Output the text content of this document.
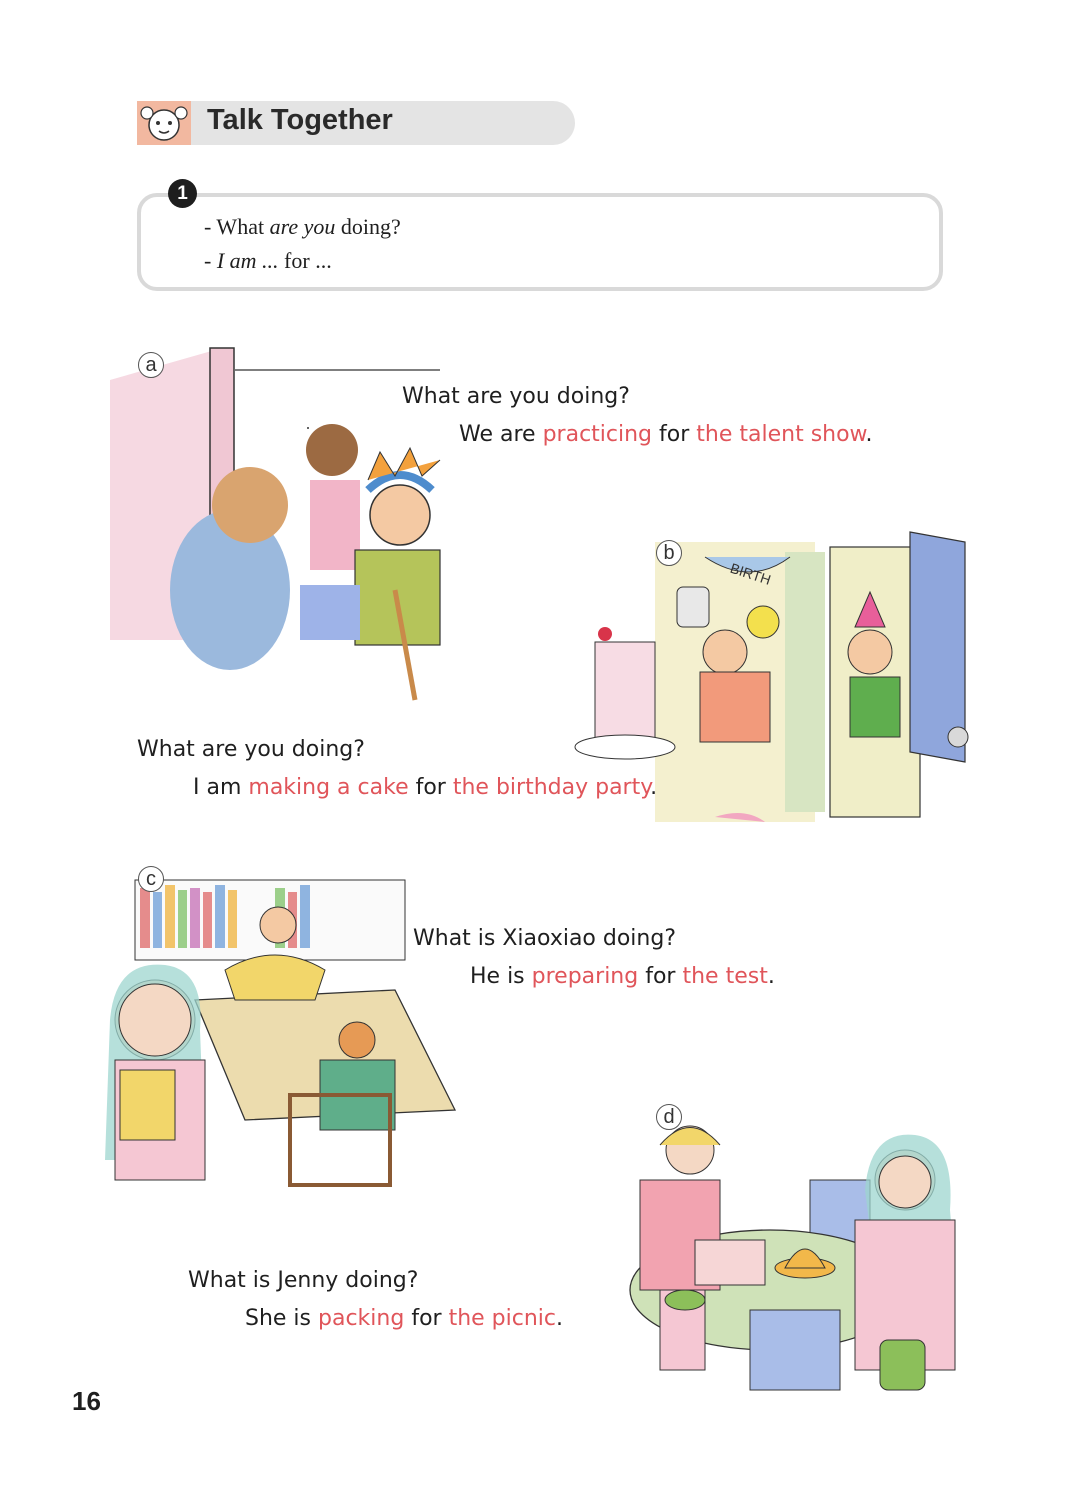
Talk Together
1
- What are you doing?
- I am ... for ...
a
What are you doing?
We are practicing for the talent show.
BIRTH
b
What are you doing?
I am making a cake for the birthday party.
c
What is Xiaoxiao doing?
He is preparing for the test.
d
What is Jenny doing?
She is packing for the picnic.
16
